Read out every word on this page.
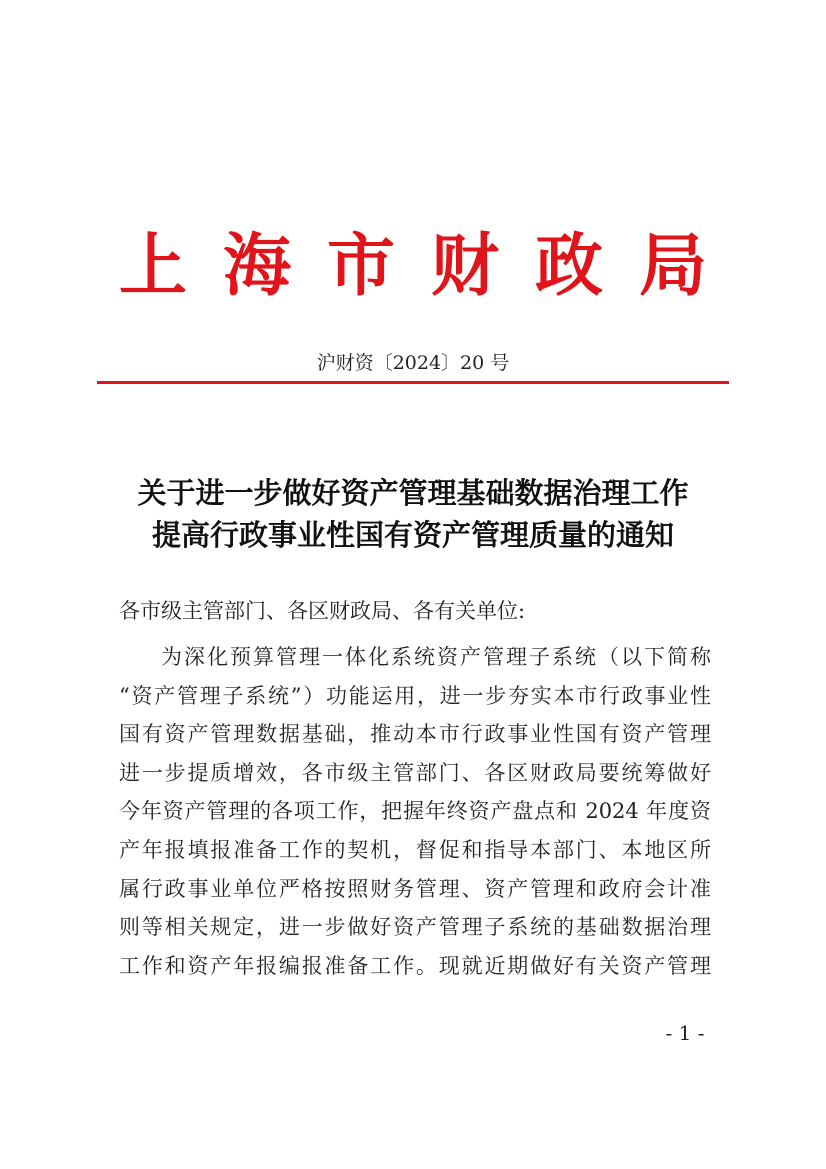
上海市财政局
沪财资〔2024〕20 号
关于进一步做好资产管理基础数据治理工作
提高行政事业性国有资产管理质量的通知
各市级主管部门、各区财政局、各有关单位:
为深化预算管理一体化系统资产管理子系统（以下简称
“资产管理子系统”）功能运用，进一步夯实本市行政事业性
国有资产管理数据基础，推动本市行政事业性国有资产管理
进一步提质增效，各市级主管部门、各区财政局要统筹做好
今年资产管理的各项工作，把握年终资产盘点和 2024 年度资
产年报填报准备工作的契机，督促和指导本部门、本地区所
属行政事业单位严格按照财务管理、资产管理和政府会计准
则等相关规定，进一步做好资产管理子系统的基础数据治理
工作和资产年报编报准备工作。现就近期做好有关资产管理
- 1 -
